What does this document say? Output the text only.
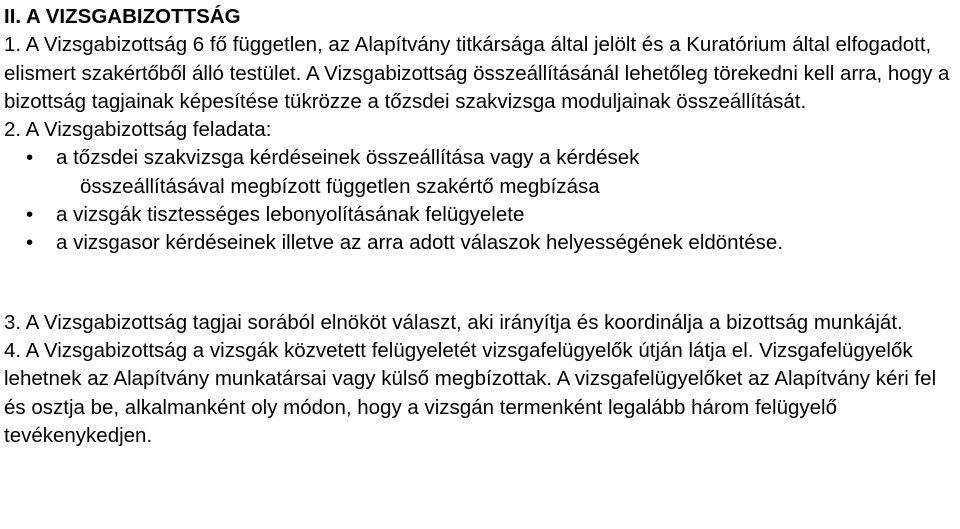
II. A VIZSGABIZOTTSÁG

1. A Vizsgabizottság 6 fő független, az Alapítvány titkársága által jelölt és a Kuratórium által elfogadott, elismert szakértőből álló testület. A Vizsgabizottság összeállításánál lehetőleg törekedni kell arra, hogy a bizottság tagjainak képesítése tükrözze a tőzsdei szakvizsga moduljainak összeállítását.

2. A Vizsgabizottság feladata:

• a tőzsdei szakvizsga kérdéseinek összeállítása vagy a kérdések
összeállításával megbízott független szakértő megbízása
• a vizsgák tisztességes lebonyolításának felügyelete
• a vizsgasor kérdéseinek illetve az arra adott válaszok helyességének eldöntése.

3. A Vizsgabizottság tagjai sorából elnököt választ, aki irányítja és koordinálja a bizottság munkáját.

4. A Vizsgabizottság a vizsgák közvetett felügyeletét vizsgafelügyelők útján látja el. Vizsgafelügyelők lehetnek az Alapítvány munkatársai vagy külső megbízottak. A vizsgafelügyelőket az Alapítvány kéri fel és osztja be, alkalmanként oly módon, hogy a vizsgán termenként legalább három felügyelő tevékenykedjen.
